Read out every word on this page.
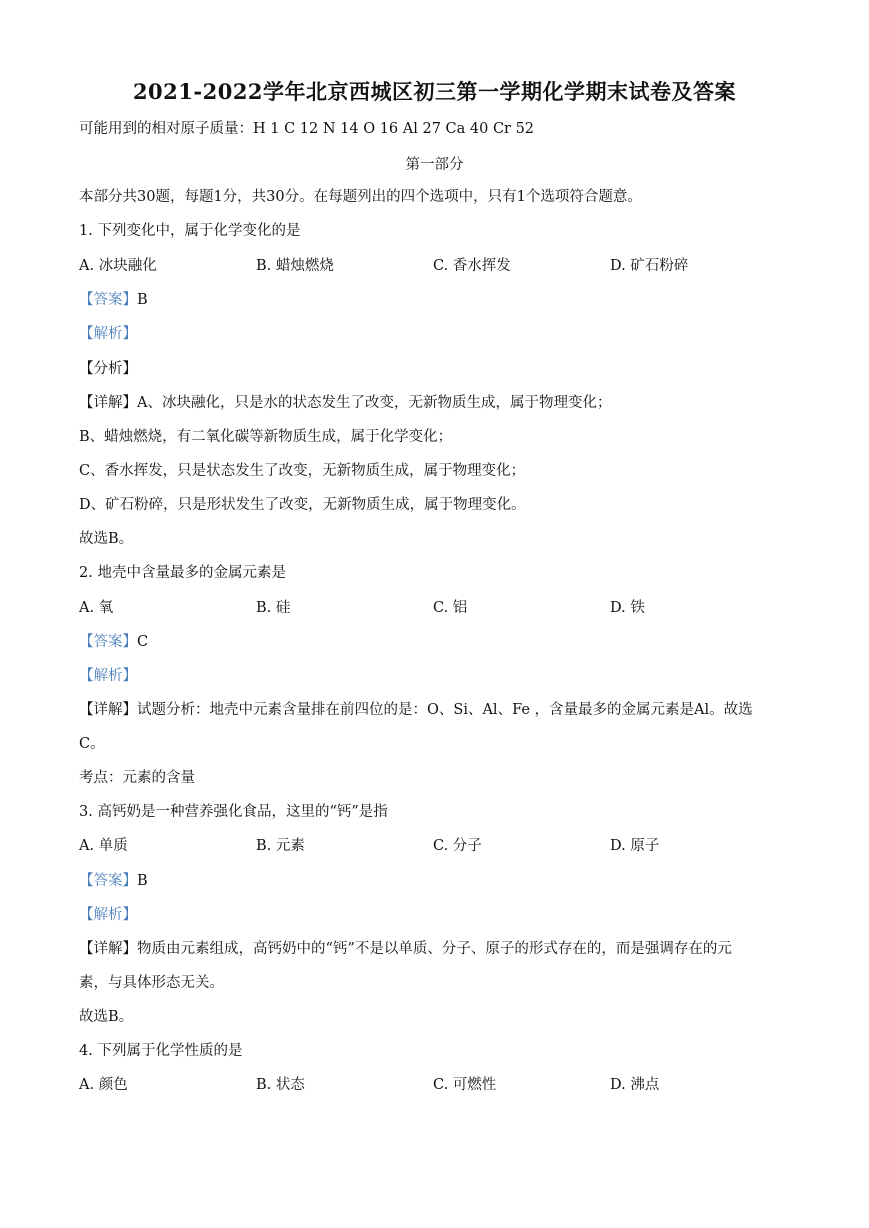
2021-2022学年北京西城区初三第一学期化学期末试卷及答案
可能用到的相对原子质量：H 1 C 12 N 14 O 16 Al 27 Ca 40 Cr 52
第一部分
本部分共30题，每题1分，共30分。在每题列出的四个选项中，只有1个选项符合题意。
1. 下列变化中，属于化学变化的是
A. 冰块融化	B. 蜡烛燃烧	C. 香水挥发	D. 矿石粉碎
【答案】B
【解析】
【分析】
【详解】A、冰块融化，只是水的状态发生了改变，无新物质生成，属于物理变化；
B、蜡烛燃烧，有二氧化碳等新物质生成，属于化学变化；
C、香水挥发，只是状态发生了改变，无新物质生成，属于物理变化；
D、矿石粉碎，只是形状发生了改变，无新物质生成，属于物理变化。
故选B。
2. 地壳中含量最多的金属元素是
A. 氧	B. 硅	C. 铝	D. 铁
【答案】C
【解析】
【详解】试题分析：地壳中元素含量排在前四位的是：O、Si、Al、Fe ，含量最多的金属元素是Al。故选
C。
考点：元素的含量
3. 高钙奶是一种营养强化食品，这里的“钙”是指
A. 单质	B. 元素	C. 分子	D. 原子
【答案】B
【解析】
【详解】物质由元素组成，高钙奶中的“钙”不是以单质、分子、原子的形式存在的，而是强调存在的元
素，与具体形态无关。
故选B。
4. 下列属于化学性质的是
A. 颜色	B. 状态	C. 可燃性	D. 沸点
